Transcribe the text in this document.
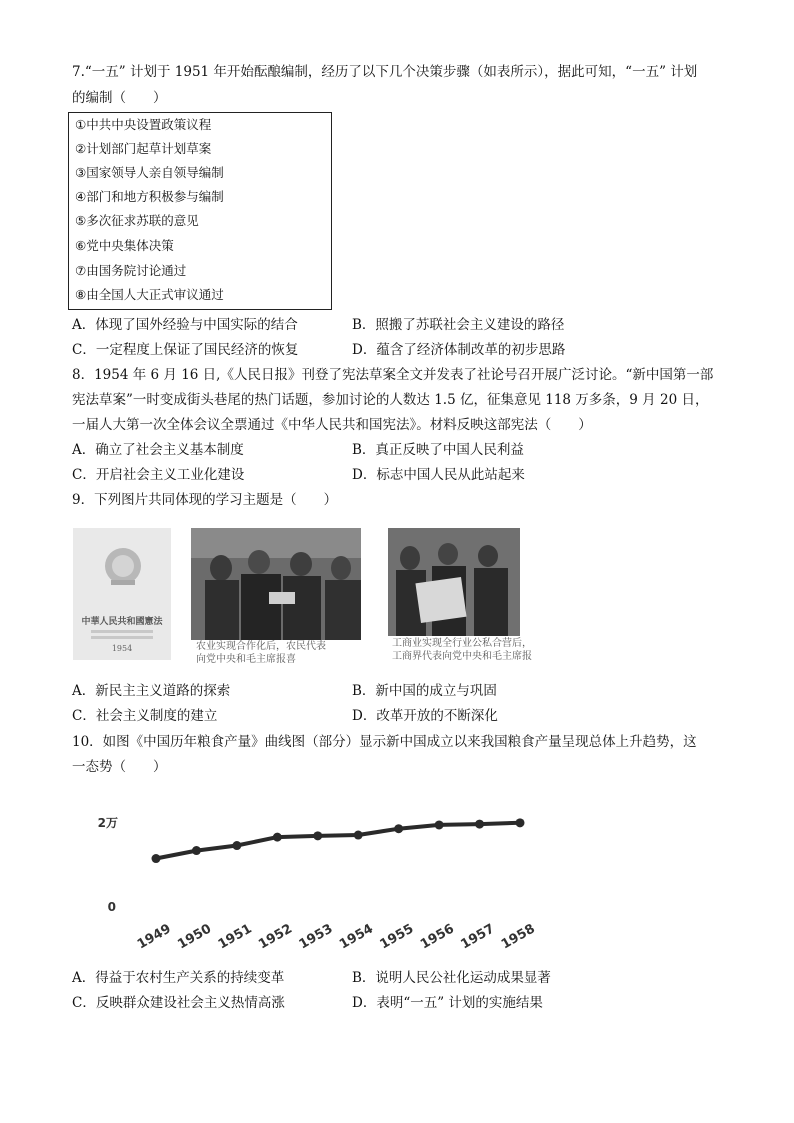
7.“一五” 计划于 1951 年开始酝酿编制，经历了以下几个决策步骤（如表所示），据此可知，“一五” 计划
的编制（　　）
①中共中央设置政策议程
②计划部门起草计划草案
③国家领导人亲自领导编制
④部门和地方积极参与编制
⑤多次征求苏联的意见
⑥党中央集体决策
⑦由国务院讨论通过
⑧由全国人大正式审议通过
A．体现了国外经验与中国实际的结合	B．照搬了苏联社会主义建设的路径
C．一定程度上保证了国民经济的恢复	D．蕴含了经济体制改革的初步思路
8．1954 年 6 月 16 日,《人民日报》刊登了宪法草案全文并发表了社论号召开展广泛讨论。“新中国第一部
宪法草案”一时变成街头巷尾的热门话题，参加讨论的人数达 1.5 亿，征集意见 118 万多条，9 月 20 日，
一届人大第一次全体会议全票通过《中华人民共和国宪法》。材料反映这部宪法（　　）
A．确立了社会主义基本制度	B．真正反映了中国人民利益
C．开启社会主义工业化建设	D．标志中国人民从此站起来
9．下列图片共同体现的学习主题是（　　）
中華人民共和國憲法
1954	农业实现合作化后，农民代表
向党中央和毛主席报喜
工商业实现全行业公私合营后，
工商界代表向党中央和毛主席报
A．新民主主义道路的探索	B．新中国的成立与巩固
C．社会主义制度的建立	D．改革开放的不断深化
10．如图《中国历年粮食产量》曲线图（部分）显示新中国成立以来我国粮食产量呈现总体上升趋势，这
一态势（　　）
0
2万
1949 1950 1951 1952 1953 1954 1955 1956 1957 1958
A．得益于农村生产关系的持续变革	B．说明人民公社化运动成果显著
C．反映群众建设社会主义热情高涨	D．表明“一五” 计划的实施结果
